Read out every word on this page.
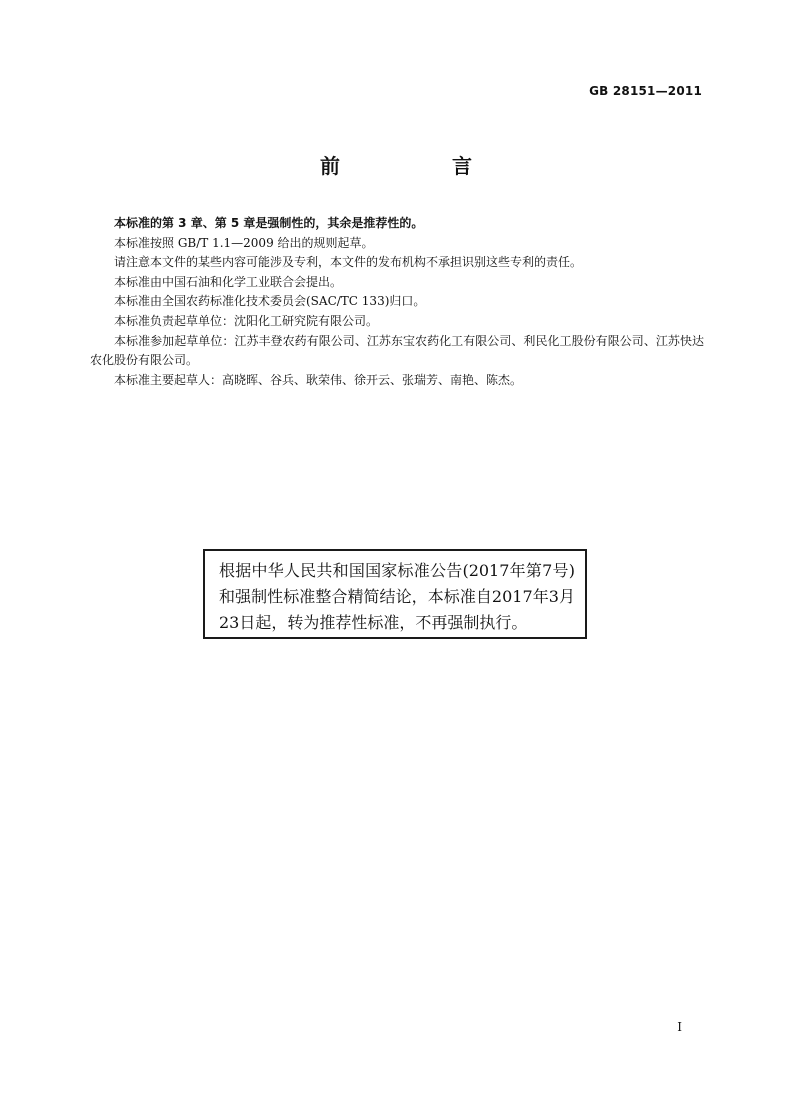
GB 28151—2011
前　言

本标准的第 3 章、第 5 章是强制性的，其余是推荐性的。

本标准按照 GB/T 1.1—2009 给出的规则起草。

请注意本文件的某些内容可能涉及专利，本文件的发布机构不承担识别这些专利的责任。

本标准由中国石油和化学工业联合会提出。

本标准由全国农药标准化技术委员会(SAC/TC 133)归口。

本标准负责起草单位：沈阳化工研究院有限公司。

本标准参加起草单位：江苏丰登农药有限公司、江苏东宝农药化工有限公司、利民化工股份有限公司、江苏快达农化股份有限公司。

本标准主要起草人：高晓晖、谷兵、耿荣伟、徐开云、张瑞芳、南艳、陈杰。

根据中华人民共和国国家标准公告(2017年第7号)和强制性标准整合精简结论，本标准自2017年3月23日起，转为推荐性标准，不再强制执行。
I
